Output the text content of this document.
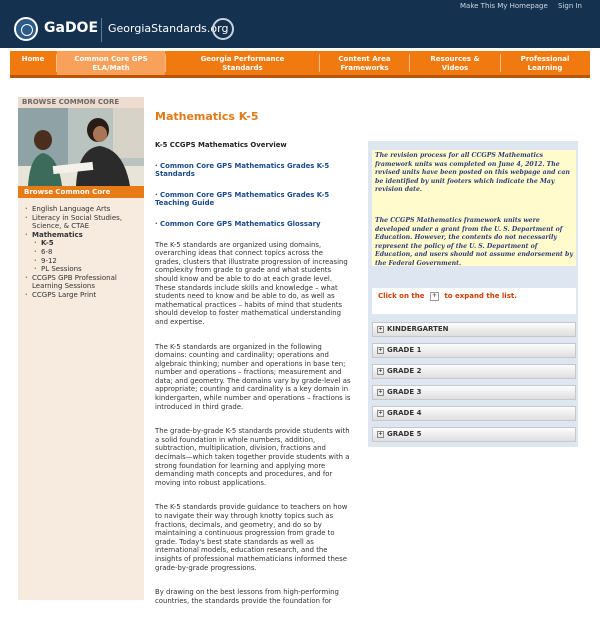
Make This My Homepage Sign In
GaDOE GeorgiaStandards.org
Home	Common Core GPS
ELA/Math
Georgia Performance
Standards
Content Area
Frameworks
Resources &
Videos
Professional
Learning
BROWSE COMMON CORE
Browse Common Core
· English Language Arts
· Literacy in Social Studies, Science, & CTAE
· Mathematics
· K-5
· 6-8
· 9-12
· PL Sessions
· CCGPS GPB Professional Learning Sessions
· CCGPS Large Print
Mathematics K-5
K-5 CCGPS Mathematics Overview
· Common Core GPS Mathematics Grades K-5 Standards
· Common Core GPS Mathematics Grades K-5 Teaching Guide
· Common Core GPS Mathematics Glossary

The K-5 standards are organized using domains, overarching ideas that connect topics across the grades, clusters that illustrate progression of increasing complexity from grade to grade and what students should know and be able to do at each grade level. These standards include skills and knowledge – what students need to know and be able to do, as well as mathematical practices – habits of mind that students should develop to foster mathematical understanding and expertise.

The K-5 standards are organized in the following domains: counting and cardinality; operations and algebraic thinking; number and operations in base ten; number and operations – fractions; measurement and data; and geometry. The domains vary by grade-level as appropriate; counting and cardinality is a key domain in kindergarten, while number and operations – fractions is introduced in third grade.

The grade-by-grade K-5 standards provide students with a solid foundation in whole numbers, addition, subtraction, multiplication, division, fractions and decimals—which taken together provide students with a strong foundation for learning and applying more demanding math concepts and procedures, and for moving into robust applications.

The K-5 standards provide guidance to teachers on how to navigate their way through knotty topics such as fractions, decimals, and geometry, and do so by maintaining a continuous progression from grade to grade. Today's best state standards as well as international models, education research, and the insights of professional mathematicians informed these grade-by-grade progressions.

By drawing on the best lessons from high-performing countries, the standards provide the foundation for

The revision process for all CCGPS Mathematics framework units was completed on June 4, 2012. The revised units have been posted on this webpage and can be identified by unit footers which indicate the May revision date.

The CCGPS Mathematics framework units were developed under a grant from the U. S. Department of Education. However, the contents do not necessarily represent the policy of the U. S. Department of Education, and users should not assume endorsement by the Federal Government.

Click on the + to expand the list.
+ KINDERGARTEN
+ GRADE 1
+ GRADE 2
+ GRADE 3
+ GRADE 4
+ GRADE 5
